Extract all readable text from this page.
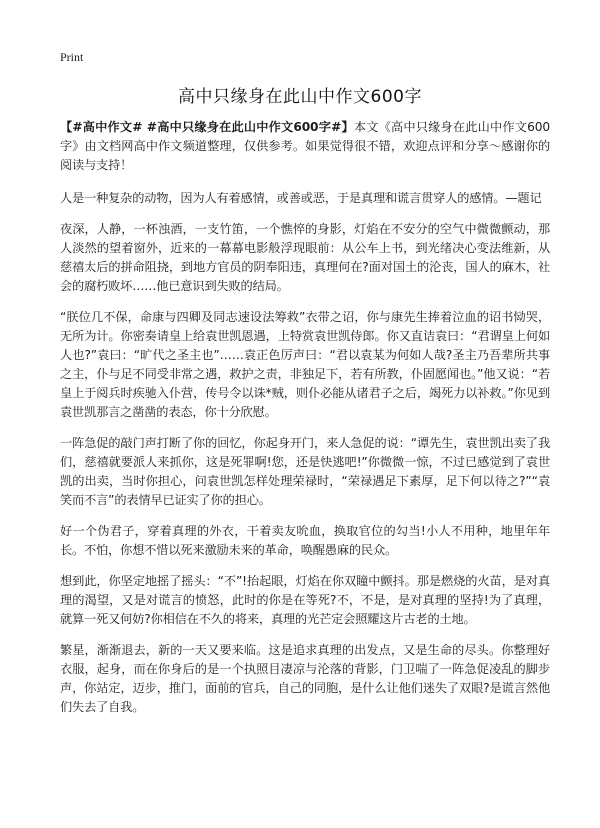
Print
高中只缘身在此山中作文600字

【#高中作文# #高中只缘身在此山中作文600字#】本文《高中只缘身在此山中作文600字》由文档网高中作文频道整理，仅供参考。如果觉得很不错，欢迎点评和分享～感谢你的阅读与支持！

人是一种复杂的动物，因为人有着感情，或善或恶，于是真理和谎言贯穿人的感情。—题记

夜深，人静，一杯浊酒，一支竹笛，一个憔悴的身影，灯焰在不安分的空气中微微颤动，那人淡然的望着窗外，近来的一幕幕电影般浮现眼前：从公车上书，到光绪决心变法维新，从慈禧太后的拼命阻挠，到地方官员的阴奉阳违，真理何在?面对国土的沦丧，国人的麻木，社会的腐朽败坏……他已意识到失败的结局。

“朕位几不保，命康与四卿及同志速设法筹救”衣带之诏，你与康先生捧着泣血的诏书恸哭，无所为计。你密奏请皇上给袁世凯恩遇，上特赏袁世凯侍郎。你又直诘袁曰：“君谓皇上何如人也?”袁曰：“旷代之圣主也”……袁正色厉声曰：“君以袁某为何如人哉?圣主乃吾辈所共事之主，仆与足不同受非常之遇，救护之责，非独足下，若有所教，仆固愿闻也。”他又说：“若皇上于阅兵时疾驰入仆营，传号令以诛*贼，则仆必能从诸君子之后，竭死力以补救。”你见到袁世凯那言之凿凿的表态，你十分欣慰。

一阵急促的敲门声打断了你的回忆，你起身开门，来人急促的说：“谭先生，袁世凯出卖了我们，慈禧就要派人来抓你，这是死罪啊!您，还是快逃吧!”你微微一惊，不过已感觉到了袁世凯的出卖，当时你担心，问袁世凯怎样处理荣禄时，“荣禄遇足下素厚，足下何以待之?”“袁笑而不言”的表情早已证实了你的担心。

好一个伪君子，穿着真理的外衣，干着卖友吮血，换取官位的勾当!小人不用种，地里年年长。不怕，你想不惜以死来激励未来的革命，唤醒愚麻的民众。

想到此，你坚定地摇了摇头：“不”!抬起眼，灯焰在你双瞳中颤抖。那是燃烧的火苗，是对真理的渴望，又是对谎言的愤怒，此时的你是在等死?不，不是，是对真理的坚持!为了真理，就算一死又何妨?你相信在不久的将来，真理的光芒定会照耀这片古老的土地。

繁星，渐渐退去，新的一天又要来临。这是追求真理的出发点，又是生命的尽头。你整理好衣服，起身，而在你身后的是一个执照目凄凉与沦落的背影，门卫喘了一阵急促凌乱的脚步声，你站定，迈步，推门，面前的官兵，自己的同胞，是什么让他们迷失了双眼?是谎言然他们失去了自我。
